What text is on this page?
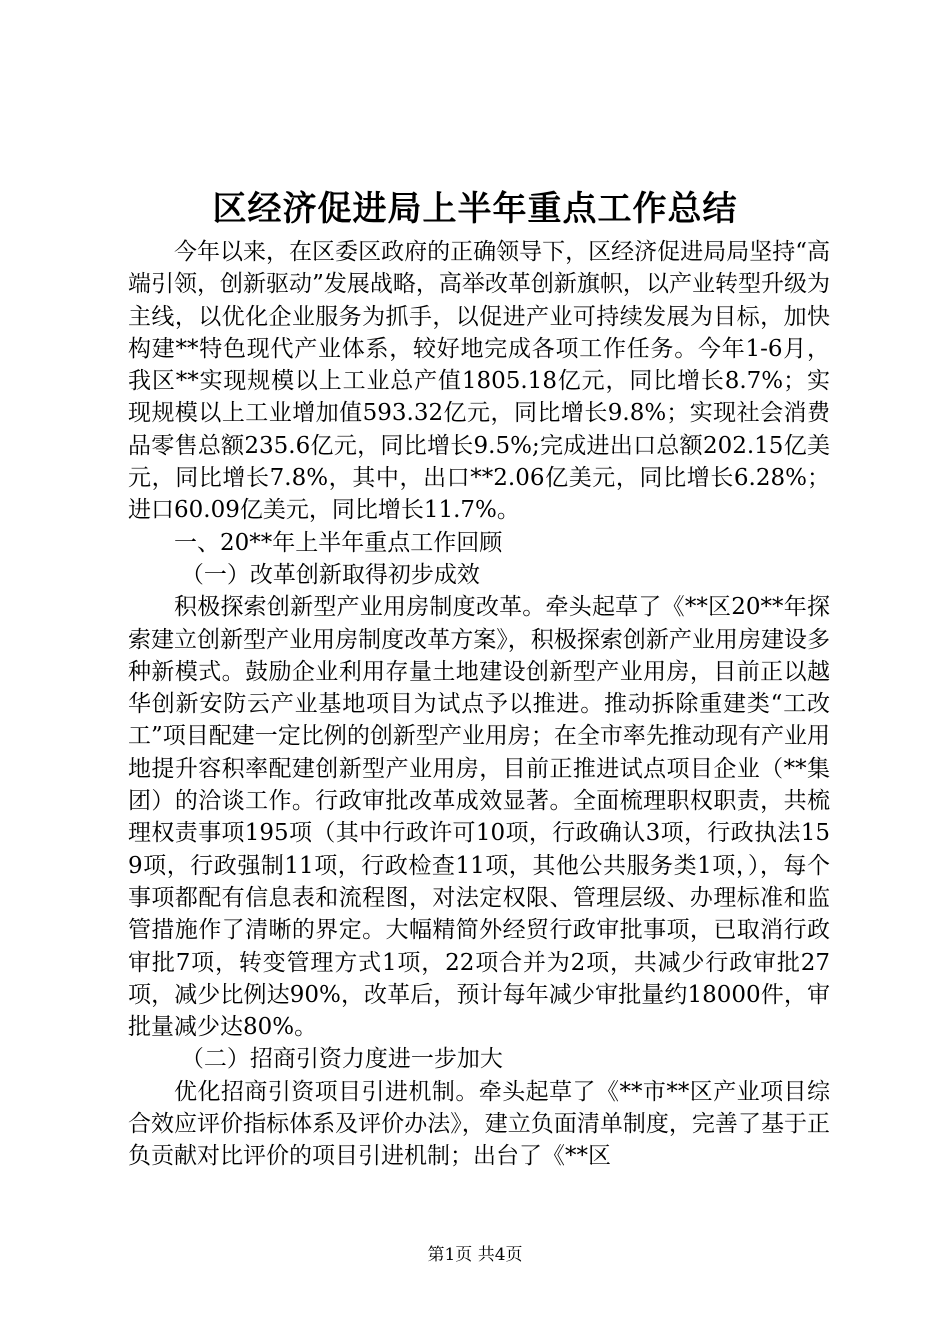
区经济促进局上半年重点工作总结

今年以来，在区委区政府的正确领导下，区经济促进局局坚持“高端引领，创新驱动”发展战略，高举改革创新旗帜，以产业转型升级为主线，以优化企业服务为抓手，以促进产业可持续发展为目标，加快构建**特色现代产业体系，较好地完成各项工作任务。今年1-6月，我区**实现规模以上工业总产值1805.18亿元，同比增长8.7%；实现规模以上工业增加值593.32亿元，同比增长9.8%；实现社会消费品零售总额235.6亿元，同比增长9.5%;完成进出口总额202.15亿美元，同比增长7.8%，其中，出口**2.06亿美元，同比增长6.28%；进口60.09亿美元，同比增长11.7%。

一、20**年上半年重点工作回顾

（一）改革创新取得初步成效

积极探索创新型产业用房制度改革。牵头起草了《**区20**年探索建立创新型产业用房制度改革方案》，积极探索创新产业用房建设多种新模式。鼓励企业利用存量土地建设创新型产业用房，目前正以越华创新安防云产业基地项目为试点予以推进。推动拆除重建类“工改工”项目配建一定比例的创新型产业用房；在全市率先推动现有产业用地提升容积率配建创新型产业用房，目前正推进试点项目企业（**集团）的洽谈工作。行政审批改革成效显著。全面梳理职权职责，共梳理权责事项195项（其中行政许可10项，行政确认3项，行政执法159项，行政强制11项，行政检查11项，其他公共服务类1项，），每个事项都配有信息表和流程图，对法定权限、管理层级、办理标准和监管措施作了清晰的界定。大幅精简外经贸行政审批事项，已取消行政审批7项，转变管理方式1项，22项合并为2项，共减少行政审批27项，减少比例达90%，改革后，预计每年减少审批量约18000件，审批量减少达80%。

（二）招商引资力度进一步加大

优化招商引资项目引进机制。牵头起草了《**市**区产业项目综合效应评价指标体系及评价办法》，建立负面清单制度，完善了基于正负贡献对比评价的项目引进机制；出台了《**区

第1页 共4页
